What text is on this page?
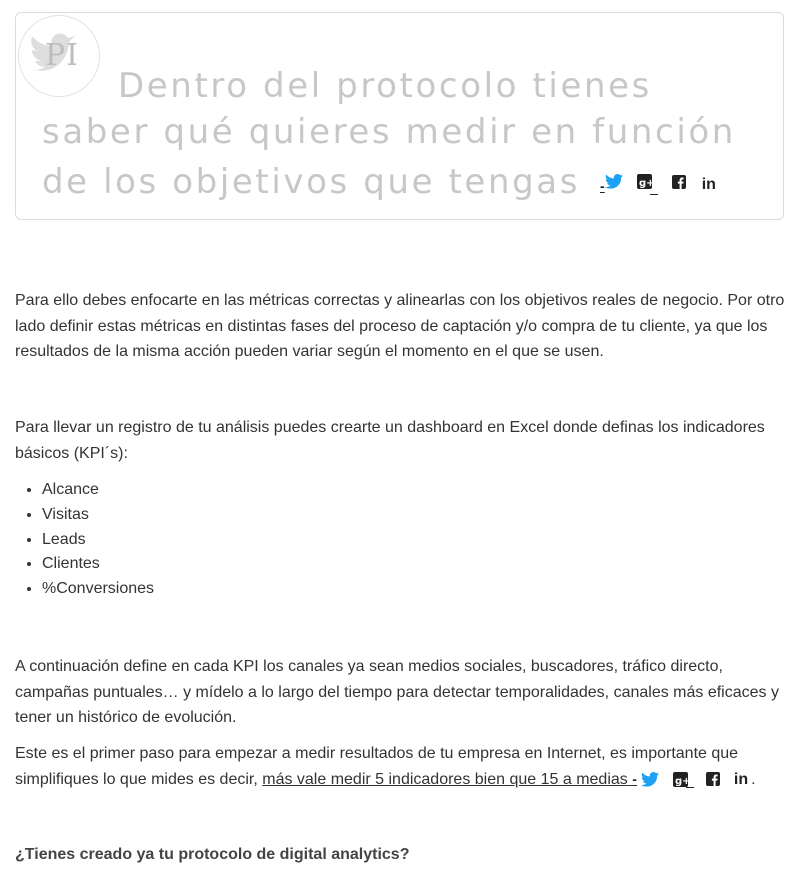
PI

Dentro del protocolo tienes saber qué quieres medir en función de los objetivos que tengas -	g+	in

Para ello debes enfocarte en las métricas correctas y alinearlas con los objetivos reales de negocio. Por otro lado definir estas métricas en distintas fases del proceso de captación y/o compra de tu cliente, ya que los resultados de la misma acción pueden variar según el momento en el que se usen.

Para llevar un registro de tu análisis puedes crearte un dashboard en Excel donde definas los indicadores básicos (KPI´s):

• Alcance
• Visitas
• Leads
• Clientes
• %Conversiones

A continuación define en cada KPI los canales ya sean medios sociales, buscadores, tráfico directo, campañas puntuales… y mídelo a lo largo del tiempo para detectar temporalidades, canales más eficaces y tener un histórico de evolución.

Este es el primer paso para empezar a medir resultados de tu empresa en Internet, es importante que simplifiques lo que mides es decir, más vale medir 5 indicadores bien que 15 a medias -	g+	in .

¿Tienes creado ya tu protocolo de digital analytics?
